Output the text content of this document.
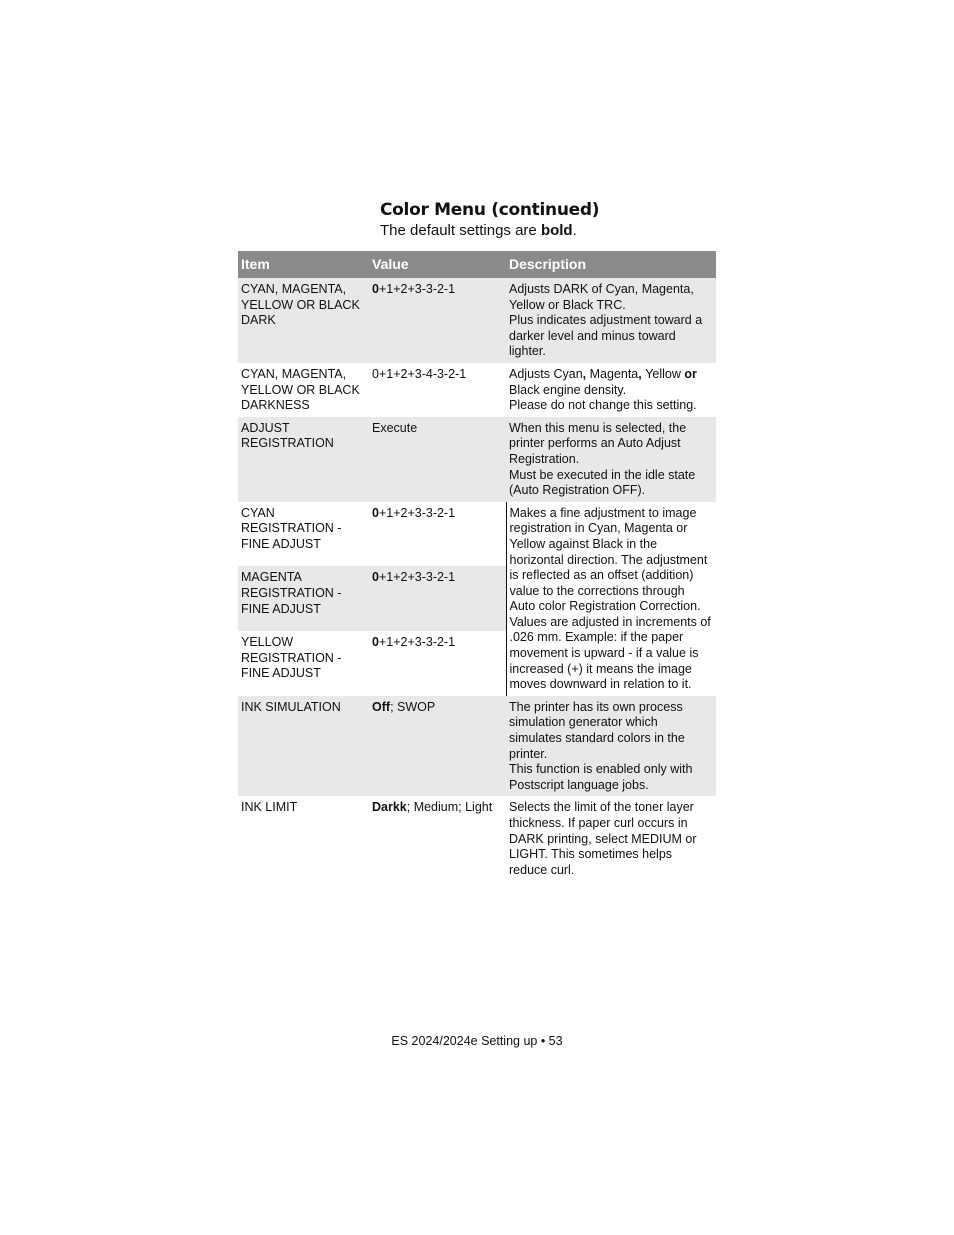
Color Menu (continued)
The default settings are bold.
Item	Value	Description
CYAN, MAGENTA, YELLOW OR BLACK DARK	0+1+2+3-3-2-1	Adjusts DARK of Cyan, Magenta, Yellow or Black TRC.
Plus indicates adjustment toward a darker level and minus toward lighter.

CYAN, MAGENTA, YELLOW OR BLACK DARKNESS	0+1+2+3-4-3-2-1	Adjusts Cyan, Magenta, Yellow or Black engine density.
Please do not change this setting.

ADJUST REGISTRATION	Execute	When this menu is selected, the printer performs an Auto Adjust Registration.
Must be executed in the idle state (Auto Registration OFF).

CYAN REGISTRATION - FINE ADJUST	0+1+2+3-3-2-1	Makes a fine adjustment to image registration in Cyan, Magenta or Yellow against Black in the horizontal direction. The adjustment is reflected as an offset (addition) value to the corrections through Auto color Registration Correction. Values are adjusted in increments of .026 mm. Example: if the paper movement is upward - if a value is increased (+) it means the image moves downward in relation to it.
MAGENTA REGISTRATION - FINE ADJUST	0+1+2+3-3-2-1	
YELLOW REGISTRATION - FINE ADJUST	0+1+2+3-3-2-1	
INK SIMULATION	Off; SWOP	The printer has its own process simulation generator which simulates standard colors in the printer.
This function is enabled only with Postscript language jobs.

INK LIMIT	Darkk; Medium; Light	Selects the limit of the toner layer thickness. If paper curl occurs in DARK printing, select MEDIUM or LIGHT. This sometimes helps reduce curl.
ES 2024/2024e Setting up • 53
